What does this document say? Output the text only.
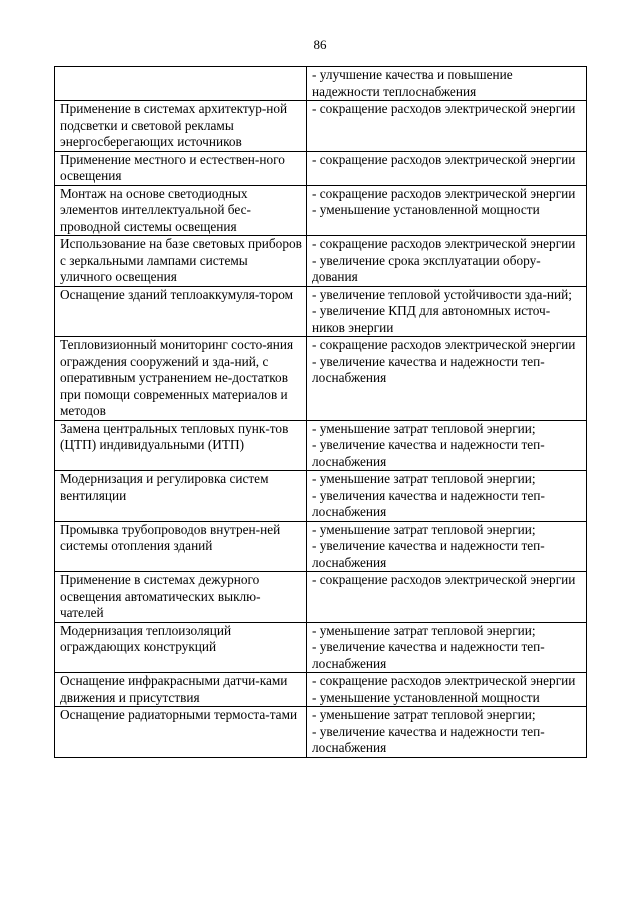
86

	- улучшение качества и повышение надежности теплоснабжения

Применение в системах архитектур-ной подсветки и световой рекламы энергосберегающих источников	- сокращение расходов электрической энергии

Применение местного и естествен-ного освещения	- сокращение расходов электрической энергии

Монтаж на основе светодиодных элементов интеллектуальной бес-проводной системы освещения	- сокращение расходов электрической энергии
- уменьшение установленной мощности

Использование на базе световых приборов с зеркальными лампами системы уличного освещения	- сокращение расходов электрической энергии
- увеличение срока эксплуатации обору-дования

Оснащение зданий теплоаккумуля-тором	- увеличение тепловой устойчивости зда-ний;
- увеличение КПД для автономных источ-ников энергии

Тепловизионный мониторинг состо-яния ограждения сооружений и зда-ний, с оперативным устранением не-достатков при помощи современных материалов и методов	- сокращение расходов электрической энергии
- увеличение качества и надежности теп-лоснабжения

Замена центральных тепловых пунк-тов (ЦТП) индивидуальными (ИТП)	- уменьшение затрат тепловой энергии;
- увеличение качества и надежности теп-лоснабжения

Модернизация и регулировка систем вентиляции	- уменьшение затрат тепловой энергии;
- увеличения качества и надежности теп-лоснабжения

Промывка трубопроводов внутрен-ней системы отопления зданий	- уменьшение затрат тепловой энергии;
- увеличение качества и надежности теп-лоснабжения

Применение в системах дежурного освещения автоматических выклю-чателей	- сокращение расходов электрической энергии

Модернизация теплоизоляций ограждающих конструкций	- уменьшение затрат тепловой энергии;
- увеличение качества и надежности теп-лоснабжения

Оснащение инфракрасными датчи-ками движения и присутствия	- сокращение расходов электрической энергии
- уменьшение установленной мощности

Оснащение радиаторными термоста-тами	- уменьшение затрат тепловой энергии;
- увеличение качества и надежности теп-лоснабжения
